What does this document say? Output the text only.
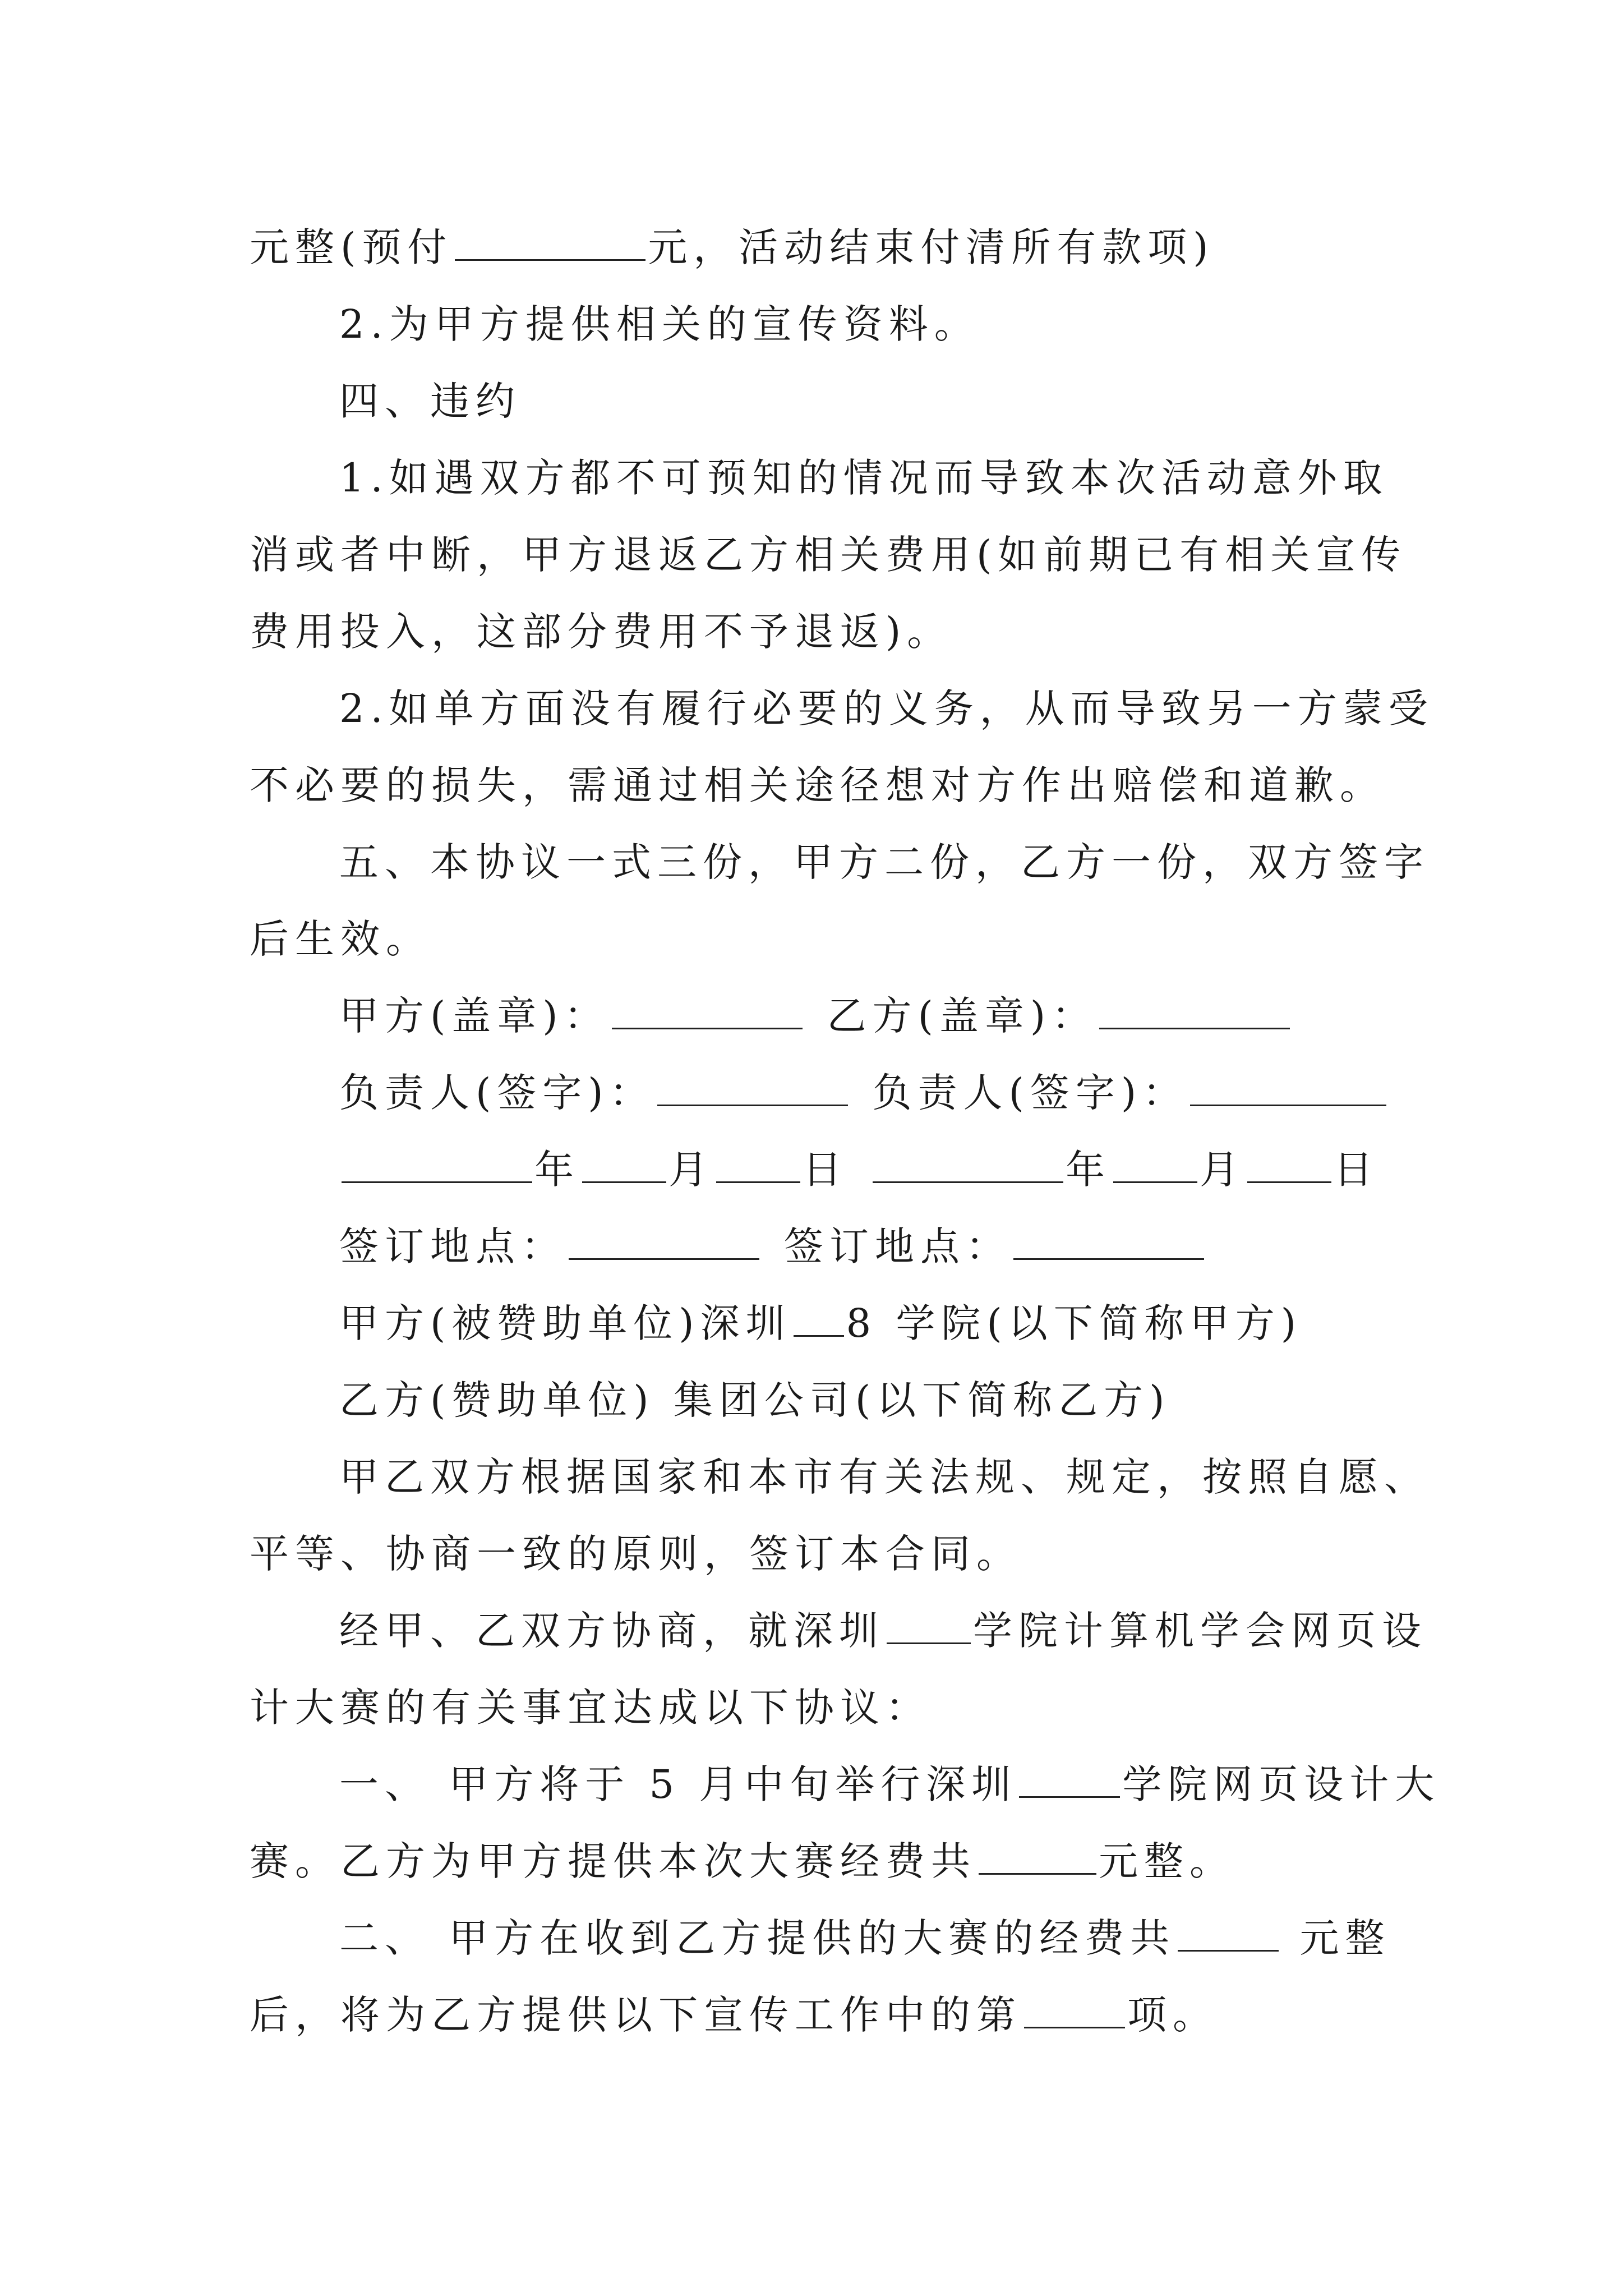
元整(预付	元，活动结束付清所有款项)
2.为甲方提供相关的宣传资料。
四、违约
1.如遇双方都不可预知的情况而导致本次活动意外取
消或者中断，甲方退返乙方相关费用(如前期已有相关宣传
费用投入，这部分费用不予退返)。
2.如单方面没有履行必要的义务，从而导致另一方蒙受
不必要的损失，需通过相关途径想对方作出赔偿和道歉。
五、本协议一式三份，甲方二份，乙方一份，双方签字
后生效。
甲方(盖章)：	乙方(盖章)：
负责人(签字)：	负责人(签字)：
年 月 日	年 月 日
签订地点：	签订地点：
甲方(被赞助单位)深圳 8 学院(以下简称甲方)
乙方(赞助单位) 集团公司(以下简称乙方)
甲乙双方根据国家和本市有关法规、规定，按照自愿、
平等、协商一致的原则，签订本合同。
经甲、乙双方协商，就深圳 学院计算机学会网页设
计大赛的有关事宜达成以下协议：
一、 甲方将于 5 月中旬举行深圳	学院网页设计大
赛。乙方为甲方提供本次大赛经费共	元整。
二、 甲方在收到乙方提供的大赛的经费共	元整
后，将为乙方提供以下宣传工作中的第	项。
